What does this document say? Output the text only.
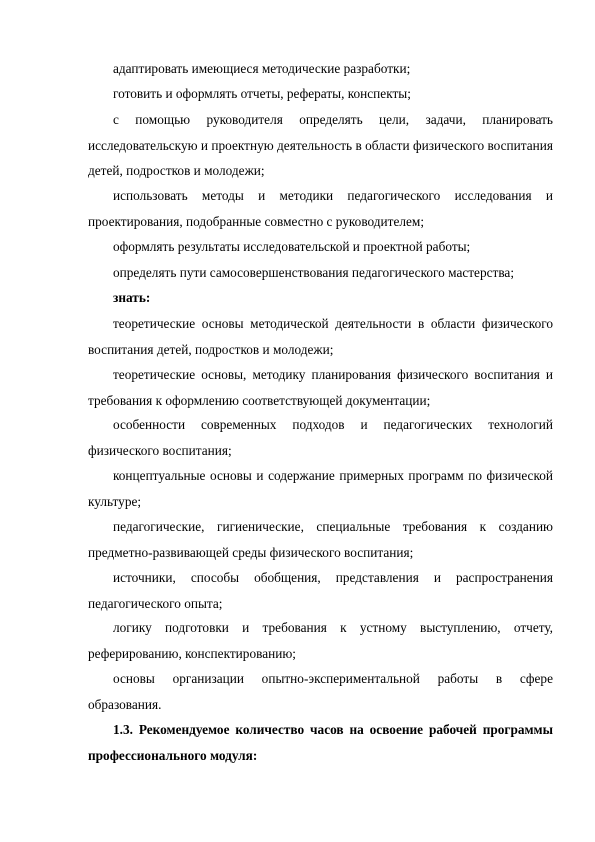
адаптировать имеющиеся методические разработки;

готовить и оформлять отчеты, рефераты, конспекты;

с помощью руководителя определять цели, задачи, планировать исследовательскую и проектную деятельность в области физического воспитания детей, подростков и молодежи;

использовать методы и методики педагогического исследования и проектирования, подобранные совместно с руководителем;

оформлять результаты исследовательской и проектной работы;

определять пути самосовершенствования педагогического мастерства;

знать:

теоретические основы методической деятельности в области физического воспитания детей, подростков и молодежи;

теоретические основы, методику планирования физического воспитания и требования к оформлению соответствующей документации;

особенности современных подходов и педагогических технологий физического воспитания;

концептуальные основы и содержание примерных программ по физической культуре;

педагогические, гигиенические, специальные требования к созданию предметно-развивающей среды физического воспитания;

источники, способы обобщения, представления и распространения педагогического опыта;

логику подготовки и требования к устному выступлению, отчету, реферированию, конспектированию;

основы организации опытно-экспериментальной работы в сфере образования.

1.3. Рекомендуемое количество часов на освоение рабочей программы профессионального модуля:
